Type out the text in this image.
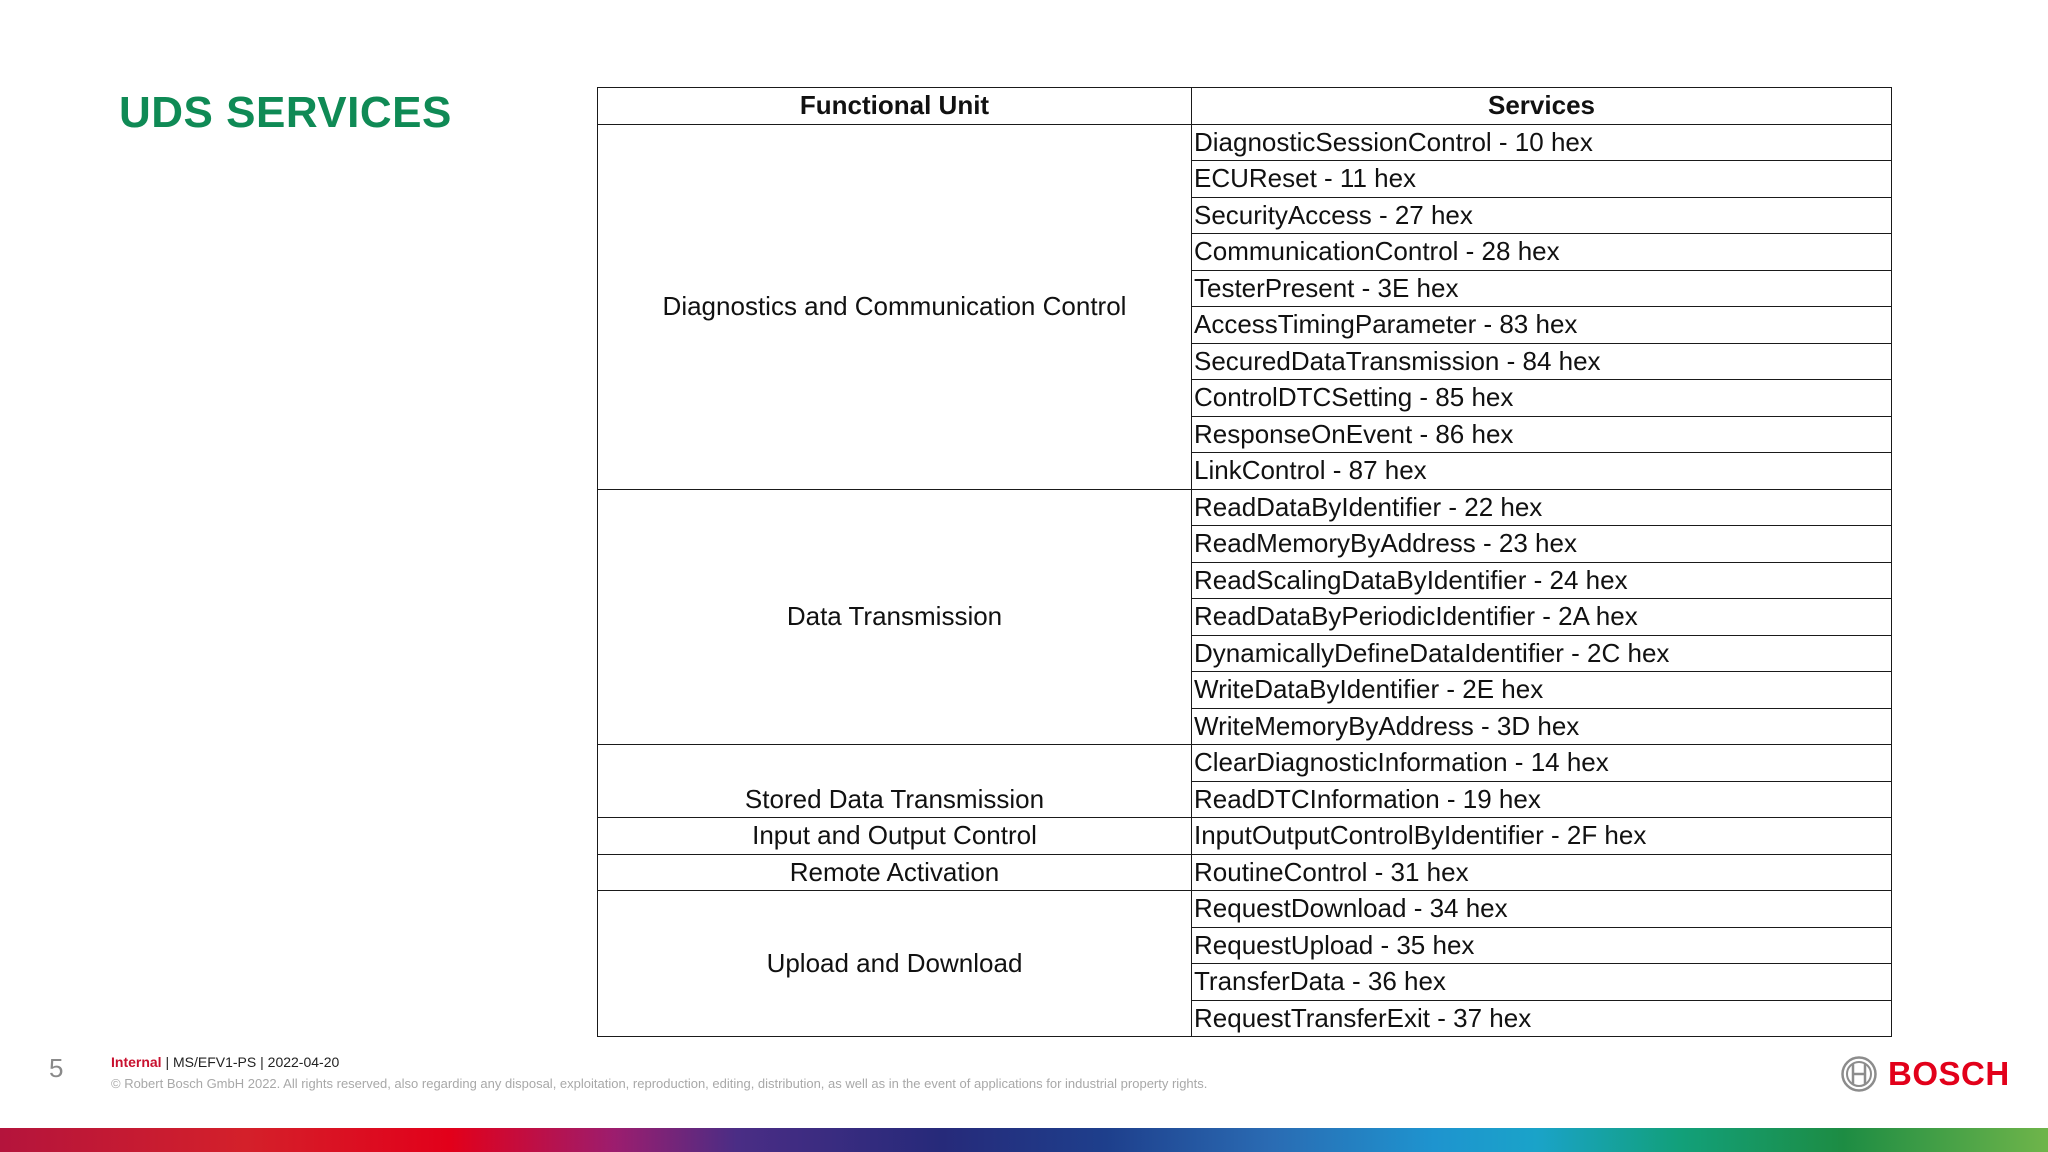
UDS SERVICES	Functional Unit	Services
Diagnostics and Communication Control	DiagnosticSessionControl - 10 hex
	ECUReset - 11 hex
	SecurityAccess - 27 hex
	CommunicationControl - 28 hex
	TesterPresent - 3E hex
	AccessTimingParameter - 83 hex
	SecuredDataTransmission - 84 hex
	ControlDTCSetting - 85 hex
	ResponseOnEvent - 86 hex
	LinkControl - 87 hex
Data Transmission	ReadDataByIdentifier - 22 hex
	ReadMemoryByAddress - 23 hex
	ReadScalingDataByIdentifier - 24 hex
	ReadDataByPeriodicIdentifier - 2A hex
	DynamicallyDefineDataIdentifier - 2C hex
	WriteDataByIdentifier - 2E hex
	WriteMemoryByAddress - 3D hex
Stored Data Transmission	ClearDiagnosticInformation - 14 hex
	ReadDTCInformation - 19 hex
Input and Output Control	InputOutputControlByIdentifier - 2F hex
Remote Activation	RoutineControl - 31 hex
Upload and Download	RequestDownload - 34 hex
	RequestUpload - 35 hex
	TransferData - 36 hex
	RequestTransferExit - 37 hex
5	Internal | MS/EFV1-PS | 2022-04-20
© Robert Bosch GmbH 2022. All rights reserved, also regarding any disposal, exploitation, reproduction, editing, distribution, as well as in the event of applications for industrial property rights.	BOSCH
